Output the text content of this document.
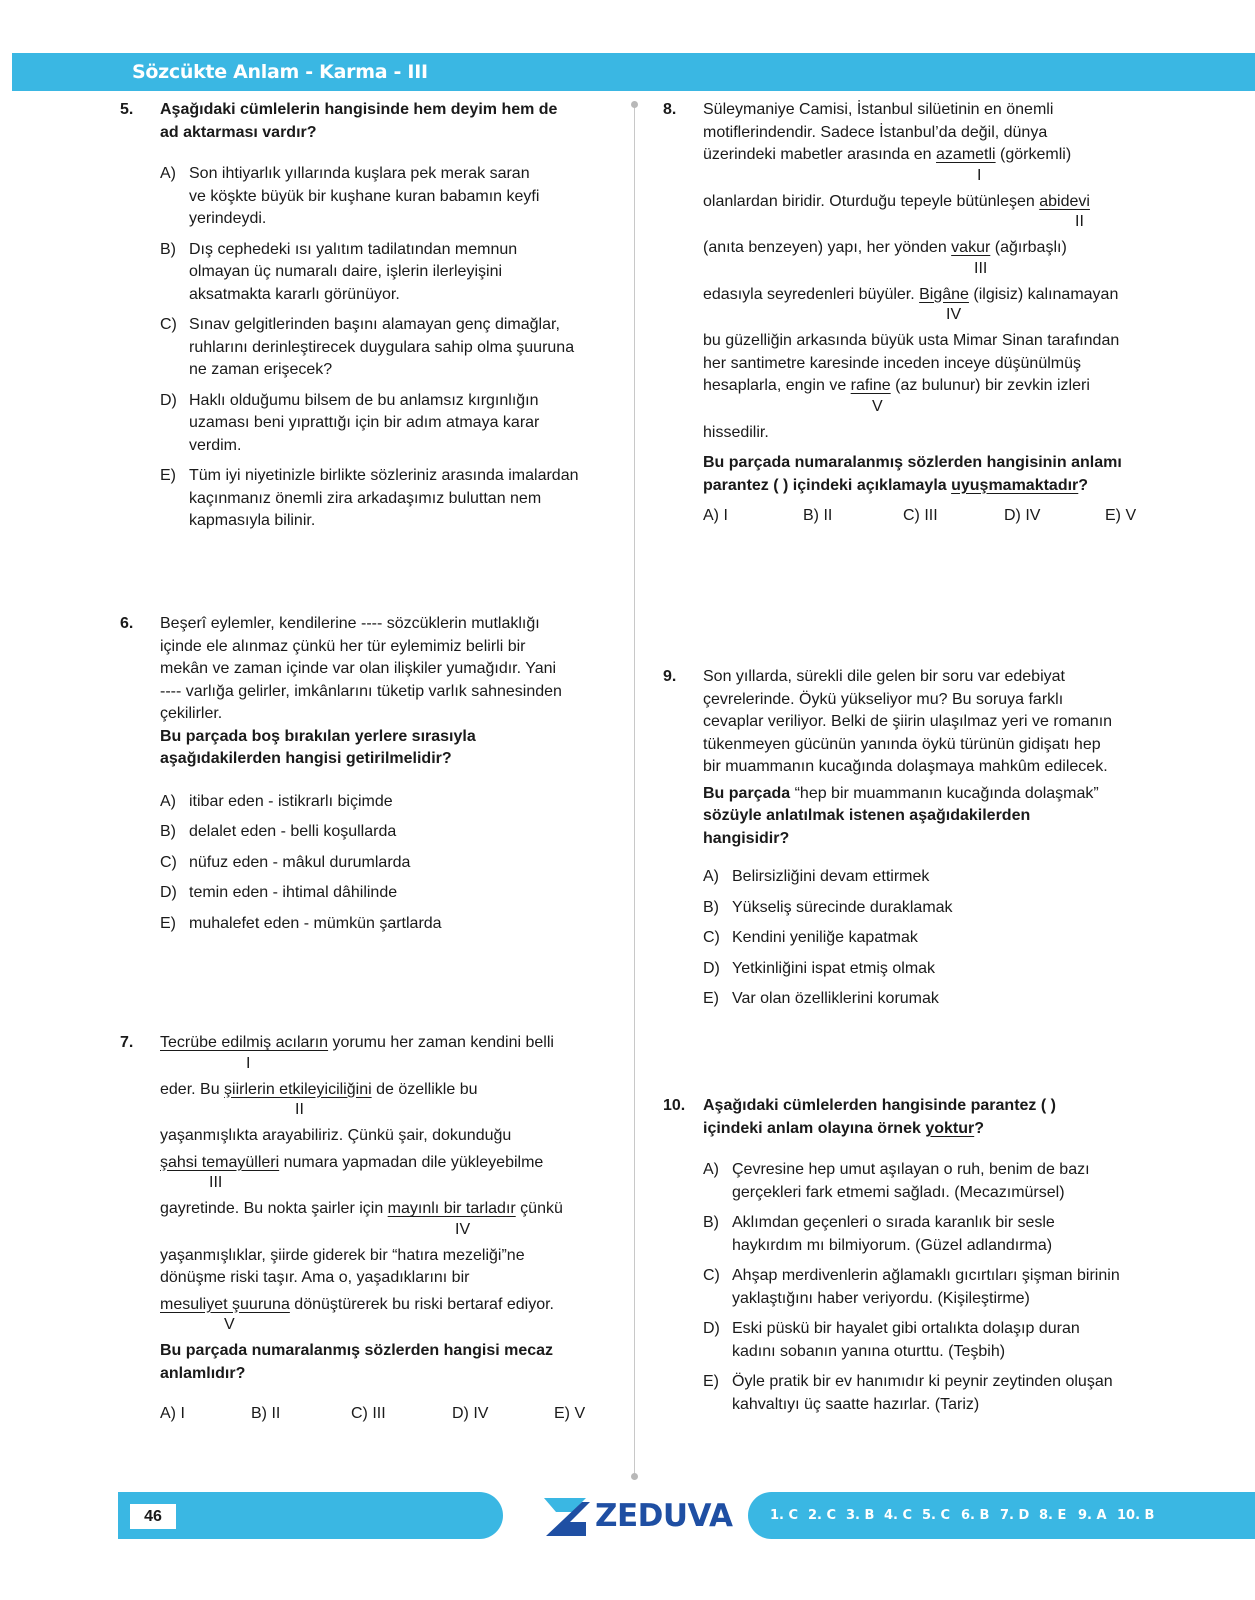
Sözcükte Anlam - Karma - III
5. Aşağıdaki cümlelerin hangisinde hem deyim hem de
ad aktarması vardır?
A) Son ihtiyarlık yıllarında kuşlara pek merak saran
ve köşkte büyük bir kuşhane kuran babamın keyfi
yerindeydi.
B) Dış cephedeki ısı yalıtım tadilatından memnun
olmayan üç numaralı daire, işlerin ilerleyişini
aksatmakta kararlı görünüyor.
C) Sınav gelgitlerinden başını alamayan genç dimağlar,
ruhlarını derinleştirecek duygulara sahip olma şuuruna
ne zaman erişecek?
D) Haklı olduğumu bilsem de bu anlamsız kırgınlığın
uzaması beni yıprattığı için bir adım atmaya karar
verdim.
E) Tüm iyi niyetinizle birlikte sözleriniz arasında imalardan
kaçınmanız önemli zira arkadaşımız buluttan nem
kapmasıyla bilinir.
6. Beşerî eylemler, kendilerine ---- sözcüklerin mutlaklığı
içinde ele alınmaz çünkü her tür eylemimiz belirli bir
mekân ve zaman içinde var olan ilişkiler yumağıdır. Yani
---- varlığa gelirler, imkânlarını tüketip varlık sahnesinden
çekilirler.
Bu parçada boş bırakılan yerlere sırasıyla
aşağıdakilerden hangisi getirilmelidir?
A) itibar eden - istikrarlı biçimde
B) delalet eden - belli koşullarda
C) nüfuz eden - mâkul durumlarda
D) temin eden - ihtimal dâhilinde
E) muhalefet eden - mümkün şartlarda
7. Tecrübe edilmiş acıların yorumu her zaman kendini belli
I
eder. Bu şiirlerin etkileyiciliğini de özellikle bu
II
yaşanmışlıkta arayabiliriz. Çünkü şair, dokunduğu
şahsi temayülleri numara yapmadan dile yükleyebilme
III
gayretinde. Bu nokta şairler için mayınlı bir tarladır çünkü
IV
yaşanmışlıklar, şiirde giderek bir “hatıra mezeliği”ne
dönüşme riski taşır. Ama o, yaşadıklarını bir
mesuliyet şuuruna dönüştürerek bu riski bertaraf ediyor.
V
Bu parçada numaralanmış sözlerden hangisi mecaz
anlamlıdır?
A) I	B) II	C) III	D) IV	E) V
8. Süleymaniye Camisi, İstanbul silüetinin en önemli
motiflerindendir. Sadece İstanbul’da değil, dünya
üzerindeki mabetler arasında en azametli (görkemli)
I
olanlardan biridir. Oturduğu tepeyle bütünleşen abidevi
II
(anıta benzeyen) yapı, her yönden vakur (ağırbaşlı)
III
edasıyla seyredenleri büyüler. Bigâne (ilgisiz) kalınamayan
IV
bu güzelliğin arkasında büyük usta Mimar Sinan tarafından
her santimetre karesinde inceden inceye düşünülmüş
hesaplarla, engin ve rafine (az bulunur) bir zevkin izleri
V
hissedilir.
Bu parçada numaralanmış sözlerden hangisinin anlamı
parantez ( ) içindeki açıklamayla uyuşmamaktadır?
A) I	B) II	C) III	D) IV	E) V
9. Son yıllarda, sürekli dile gelen bir soru var edebiyat
çevrelerinde. Öykü yükseliyor mu? Bu soruya farklı
cevaplar veriliyor. Belki de şiirin ulaşılmaz yeri ve romanın
tükenmeyen gücünün yanında öykü türünün gidişatı hep
bir muammanın kucağında dolaşmaya mahkûm edilecek.
Bu parçada “hep bir muammanın kucağında dolaşmak”
sözüyle anlatılmak istenen aşağıdakilerden
hangisidir?
A) Belirsizliğini devam ettirmek
B) Yükseliş sürecinde duraklamak
C) Kendini yeniliğe kapatmak
D) Yetkinliğini ispat etmiş olmak
E) Var olan özelliklerini korumak
10. Aşağıdaki cümlelerden hangisinde parantez ( )
içindeki anlam olayına örnek yoktur?
A) Çevresine hep umut aşılayan o ruh, benim de bazı
gerçekleri fark etmemi sağladı. (Mecazımürsel)
B) Aklımdan geçenleri o sırada karanlık bir sesle
haykırdım mı bilmiyorum. (Güzel adlandırma)
C) Ahşap merdivenlerin ağlamaklı gıcırtıları şişman birinin
yaklaştığını haber veriyordu. (Kişileştirme)
D) Eski püskü bir hayalet gibi ortalıkta dolaşıp duran
kadını sobanın yanına oturttu. (Teşbih)
E) Öyle pratik bir ev hanımıdır ki peynir zeytinden oluşan
kahvaltıyı üç saatte hazırlar. (Tariz)
46	ZEDUVA	1. C 2. C 3. B 4. C 5. C 6. B 7. D 8. E 9. A 10. B
